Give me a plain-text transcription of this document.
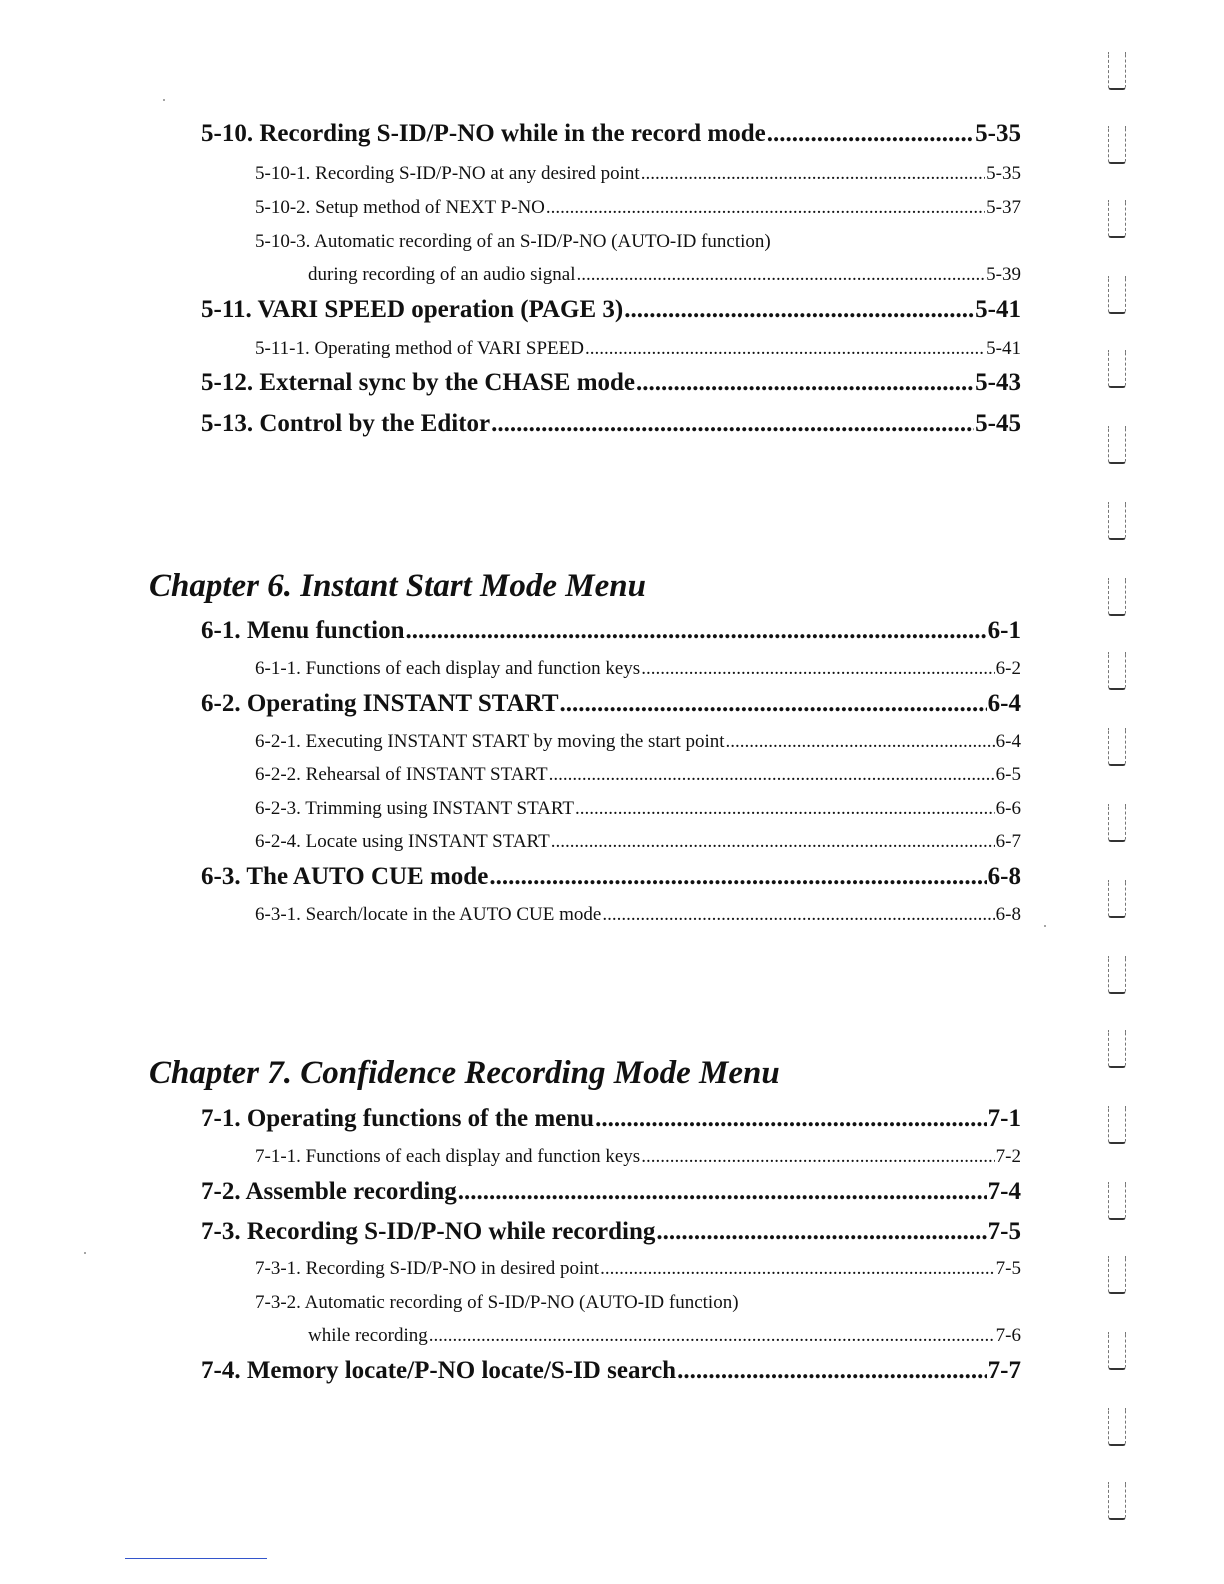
5-10. Recording S-ID/P-NO while in the record mode .....	5-35
5-10-1. Recording S-ID/P-NO at any desired point .....	5-35
5-10-2. Setup method of NEXT P-NO .....	5-37
5-10-3. Automatic recording of an S-ID/P-NO (AUTO-ID function)
during recording of an audio signal .....	5-39
5-11. VARI SPEED operation (PAGE 3) .....	5-41
5-11-1. Operating method of VARI SPEED .....	5-41
5-12. External sync by the CHASE mode .....	5-43
5-13. Control by the Editor .....	5-45
Chapter 6. Instant Start Mode Menu
6-1. Menu function .....	6-1
6-1-1. Functions of each display and function keys .....	6-2
6-2. Operating INSTANT START .....	6-4
6-2-1. Executing INSTANT START by moving the start point .....	6-4
6-2-2. Rehearsal of INSTANT START .....	6-5
6-2-3. Trimming using INSTANT START .....	6-6
6-2-4. Locate using INSTANT START .....	6-7
6-3. The AUTO CUE mode .....	6-8
6-3-1. Search/locate in the AUTO CUE mode .....	6-8
Chapter 7. Confidence Recording Mode Menu
7-1. Operating functions of the menu .....	7-1
7-1-1. Functions of each display and function keys .....	7-2
7-2. Assemble recording .....	7-4
7-3. Recording S-ID/P-NO while recording .....	7-5
7-3-1. Recording S-ID/P-NO in desired point .....	7-5
7-3-2. Automatic recording of S-ID/P-NO (AUTO-ID function)
while recording .....	7-6
7-4. Memory locate/P-NO locate/S-ID search .....	7-7
